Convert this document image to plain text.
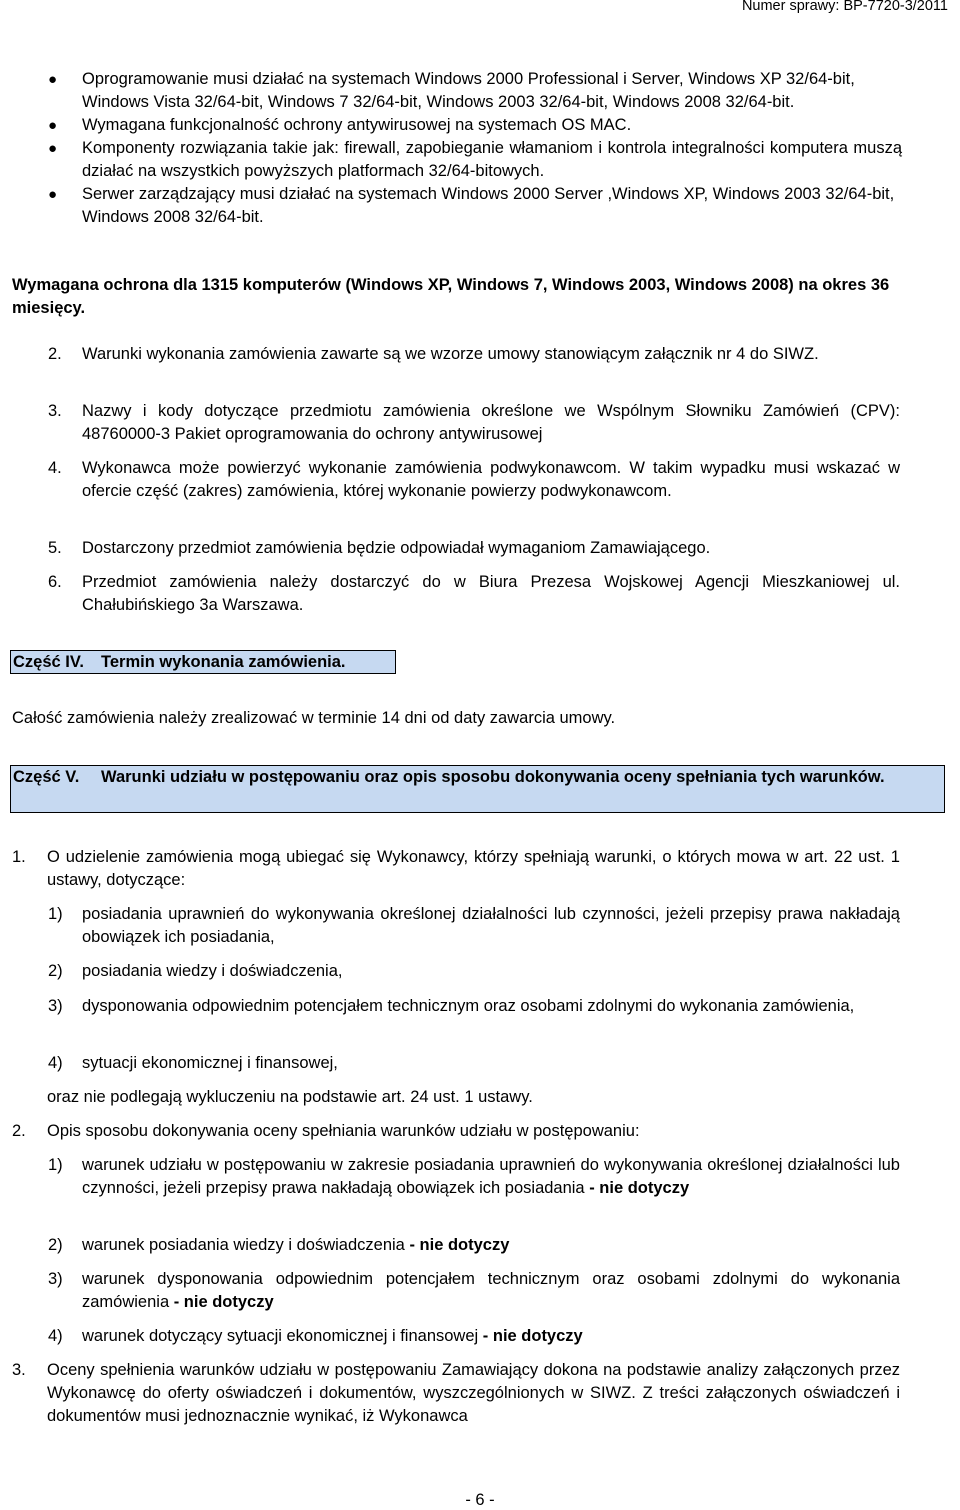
Numer sprawy: BP-7720-3/2011
● Oprogramowanie musi działać na systemach Windows 2000 Professional i Server, Windows XP 32/64-bit, Windows Vista 32/64-bit, Windows 7 32/64-bit, Windows 2003 32/64-bit, Windows 2008 32/64-bit.
● Wymagana funkcjonalność ochrony antywirusowej na systemach OS MAC.
● Komponenty rozwiązania takie jak: firewall, zapobieganie włamaniom i kontrola integralności komputera muszą działać na wszystkich powyższych platformach 32/64-bitowych.
● Serwer zarządzający musi działać na systemach Windows 2000 Server ,Windows XP, Windows 2003 32/64-bit, Windows 2008 32/64-bit.
Wymagana ochrona dla 1315 komputerów (Windows XP, Windows 7, Windows 2003, Windows 2008) na okres 36 miesięcy.
2. Warunki wykonania zamówienia zawarte są we wzorze umowy stanowiącym załącznik nr 4 do SIWZ.
3. Nazwy i kody dotyczące przedmiotu zamówienia określone we Wspólnym Słowniku Zamówień (CPV): 48760000-3 Pakiet oprogramowania do ochrony antywirusowej
4. Wykonawca może powierzyć wykonanie zamówienia podwykonawcom. W takim wypadku musi wskazać w ofercie część (zakres) zamówienia, której wykonanie powierzy podwykonawcom.
5. Dostarczony przedmiot zamówienia będzie odpowiadał wymaganiom Zamawiającego.
6. Przedmiot zamówienia należy dostarczyć do w Biura Prezesa Wojskowej Agencji Mieszkaniowej ul. Chałubińskiego 3a Warszawa.
Część IV. Termin wykonania zamówienia.
Całość zamówienia należy zrealizować w terminie 14 dni od daty zawarcia umowy.
Część V. Warunki udziału w postępowaniu oraz opis sposobu dokonywania oceny spełniania tych warunków.
1. O udzielenie zamówienia mogą ubiegać się Wykonawcy, którzy spełniają warunki, o których mowa w art. 22 ust. 1 ustawy, dotyczące:
1) posiadania uprawnień do wykonywania określonej działalności lub czynności, jeżeli przepisy prawa nakładają obowiązek ich posiadania,
2) posiadania wiedzy i doświadczenia,
3) dysponowania odpowiednim potencjałem technicznym oraz osobami zdolnymi do wykonania zamówienia,
4) sytuacji ekonomicznej i finansowej,
oraz nie podlegają wykluczeniu na podstawie art. 24 ust. 1 ustawy.
2. Opis sposobu dokonywania oceny spełniania warunków udziału w postępowaniu:
1) warunek udziału w postępowaniu w zakresie posiadania uprawnień do wykonywania określonej działalności lub czynności, jeżeli przepisy prawa nakładają obowiązek ich posiadania - nie dotyczy
2) warunek posiadania wiedzy i doświadczenia - nie dotyczy
3) warunek dysponowania odpowiednim potencjałem technicznym oraz osobami zdolnymi do wykonania zamówienia - nie dotyczy
4) warunek dotyczący sytuacji ekonomicznej i finansowej - nie dotyczy
3. Oceny spełnienia warunków udziału w postępowaniu Zamawiający dokona na podstawie analizy załączonych przez Wykonawcę do oferty oświadczeń i dokumentów, wyszczególnionych w SIWZ. Z treści załączonych oświadczeń i dokumentów musi jednoznacznie wynikać, iż Wykonawca
- 6 -
